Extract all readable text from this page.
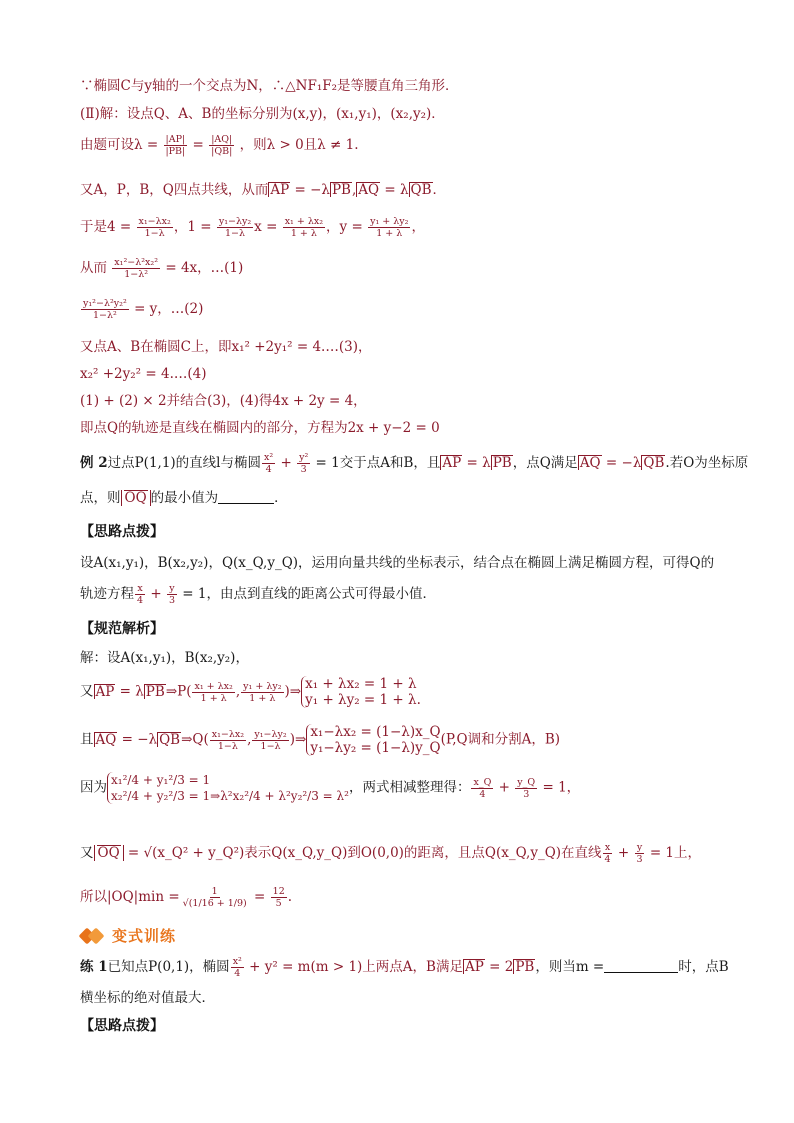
∵椭圆C与y轴的一个交点为N，∴△NF₁F₂是等腰直角三角形．
(Ⅱ)解：设点Q、A、B的坐标分别为(x,y)，(x₁,y₁)，(x₂,y₂)．
由题可设$\lambda = \frac{|AP|}{|PB|} = \frac{|AQ|}{|QB|}$ ，则λ > 0且λ ≠ 1.
又A，P，B，Q四点共线，从而 AP = −λ PB, AQ = λ QB．
于是$4 = \frac{\text{x₁−λx₂}}{1-\lambda}$ ，$1 = \frac{\text{y₁−λy₂}}{1-\lambda}$ $x = \frac{\text{x₁ + λx₂}}{1 + \lambda}$ ，$y = \frac{\text{y₁ + λy₂}}{1 + \lambda}$ ，
从而 $\frac{\text{x₁²−λ²x₂²}}{\text{1−λ²}} = 4x$，…(1)
$\frac{\text{y₁²−λ²y₂²}}{\text{1−λ²}} = y$，…(2)
又点A、B在椭圆C上，即x₁² +2y₁² = 4.…(3)，
x₂² +2y₂² = 4.…(4)
(1) + (2) × 2并结合(3)，(4)得4x + 2y = 4，
即点Q的轨迹是直线在椭圆内的部分，方程为2x + y−2 = 0
例 2过点P(1,1)的直线l与椭圆 $\frac{\text{x²}}{4} + \frac{\text{y²}}{3} = 1$交于点A和B，且 AP = λ PB，点Q满足 AQ = −λ QB.若O为坐标原
点，则 OQ 的最小值为	．
【思路点拨】
设A(x₁,y₁)，B(x₂,y₂)，Q(x_Q,y_Q)，运用向量共线的坐标表示，结合点在椭圆上满足椭圆方程，可得Q的
轨迹方程 $\frac{x}{4} + \frac{y}{3} = 1$，由点到直线的距离公式可得最小值．
【规范解析】
解：设A(x₁,y₁)，B(x₂,y₂)，
又 AP = λ PB⇒P( $\frac{\text{x₁ + λx₂}}{1 + \lambda}$ , $\frac{\text{y₁ + λy₂}}{1 + \lambda}$ )⇒ x₁ + λx₂ = 1 + λ
y₁ + λy₂ = 1 + λ.
且 AQ = −λ QB⇒Q( $\frac{\text{x₁−λx₂}}{1-\lambda}$ , $\frac{\text{y₁−λy₂}}{1-\lambda}$ )⇒ x₁−λx₂ = (1−λ)x_Q
y₁−λy₂ = (1−λ)y_Q(P,Q调和分割A，B)
因为 x₁²/4 + y₁²/3 = 1
x₂²/4 + y₂²/3 = 1⇒λ²x₂²/4 + λ²y₂²/3 = λ²，两式相减整理得： $\frac{x\_Q}{4} + \frac{y\_Q}{3} = 1$，
又 OQ = √(x_Q² + y_Q²)表示Q(x_Q,y_Q)到O(0,0)的距离，且点Q(x_Q,y_Q)在直线 $\frac{x}{4} + \frac{y}{3} = 1$上，
所以$|OQ|\min = \frac{1}{√(1/16 + 1/9)} = \frac{12}{5}$ .
变式训练
练 1已知点P(0,1)，椭圆 $\frac{\text{x²}}{4} + y^2 = m(m > 1)$上两点A，B满足 AP = 2 PB，则当m =	时，点B
横坐标的绝对值最大．
【思路点拨】
